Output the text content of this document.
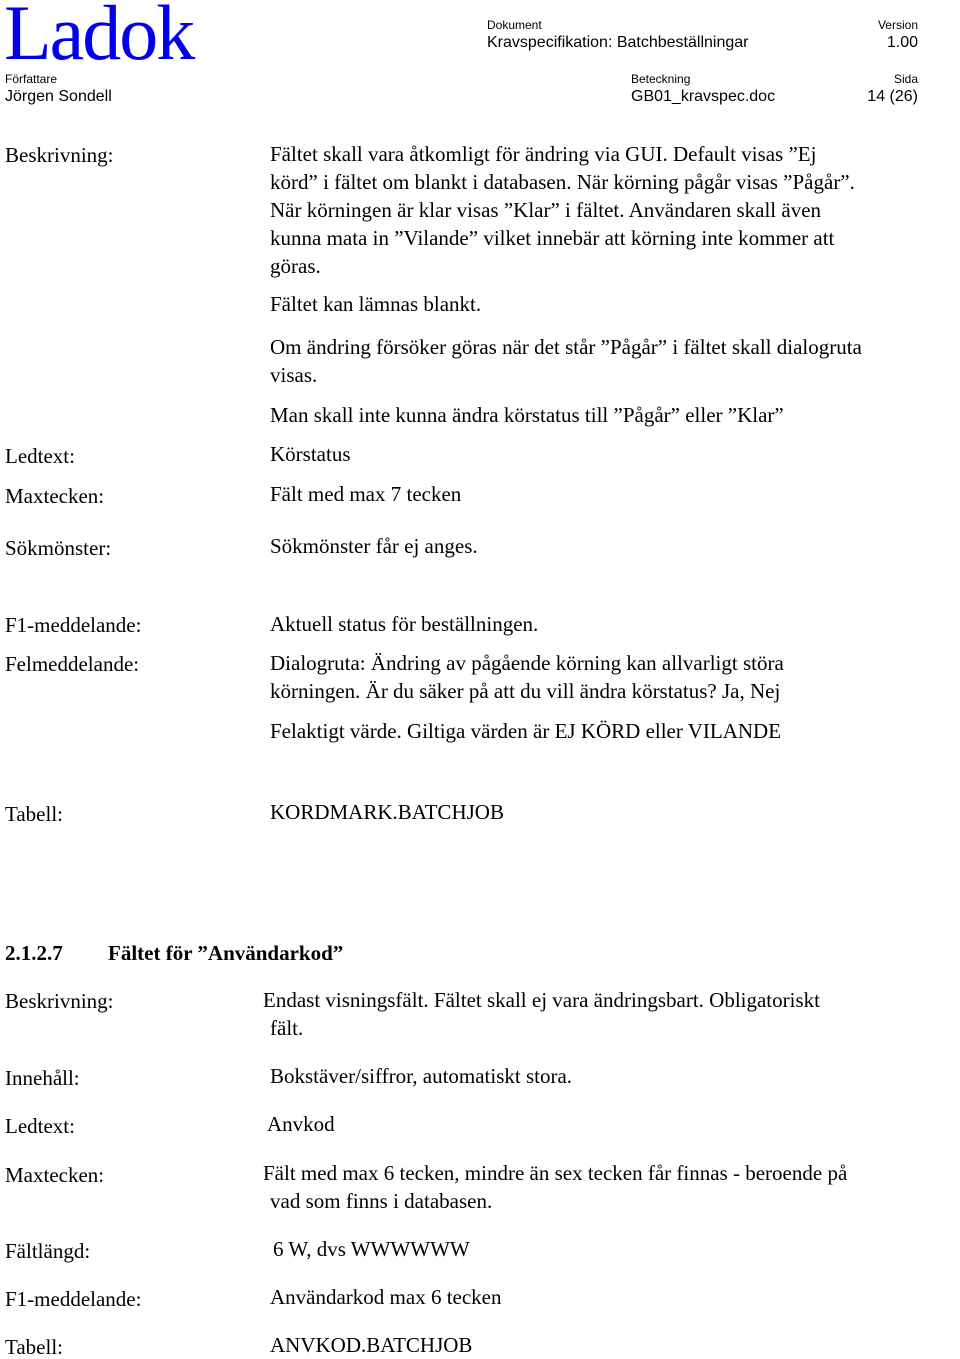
Ladok	Dokument
Kravspecifikation: Batchbeställningar
Version
1.00
Författare
Jörgen Sondell
Beteckning
GB01_kravspec.doc
Sida
14 (26)
Beskrivning:	Fältet skall vara åtkomligt för ändring via GUI. Default visas ”Ej
körd” i fältet om blankt i databasen. När körning pågår visas ”Pågår”.
När körningen är klar visas ”Klar” i fältet. Användaren skall även
kunna mata in ”Vilande” vilket innebär att körning inte kommer att
göras.
Fältet kan lämnas blankt.
Om ändring försöker göras när det står ”Pågår” i fältet skall dialogruta
visas.
Man skall inte kunna ändra körstatus till ”Pågår” eller ”Klar”
Ledtext:	Körstatus
Maxtecken:	Fält med max 7 tecken
Sökmönster:	Sökmönster får ej anges.
F1-meddelande:	Aktuell status för beställningen.
Felmeddelande:	Dialogruta: Ändring av pågående körning kan allvarligt störa
körningen. Är du säker på att du vill ändra körstatus? Ja, Nej
Felaktigt värde. Giltiga värden är EJ KÖRD eller VILANDE
Tabell:	KORDMARK.BATCHJOB
2.1.2.7 Fältet för ”Användarkod”
Beskrivning:	Endast visningsfält. Fältet skall ej vara ändringsbart. Obligatoriskt
fält.
Innehåll:	Bokstäver/siffror, automatiskt stora.
Ledtext:	Anvkod
Maxtecken:	Fält med max 6 tecken, mindre än sex tecken får finnas - beroende på
vad som finns i databasen.
Fältlängd:	6 W, dvs WWWWWW
F1-meddelande:	Användarkod max 6 tecken
Tabell:	ANVKOD.BATCHJOB
